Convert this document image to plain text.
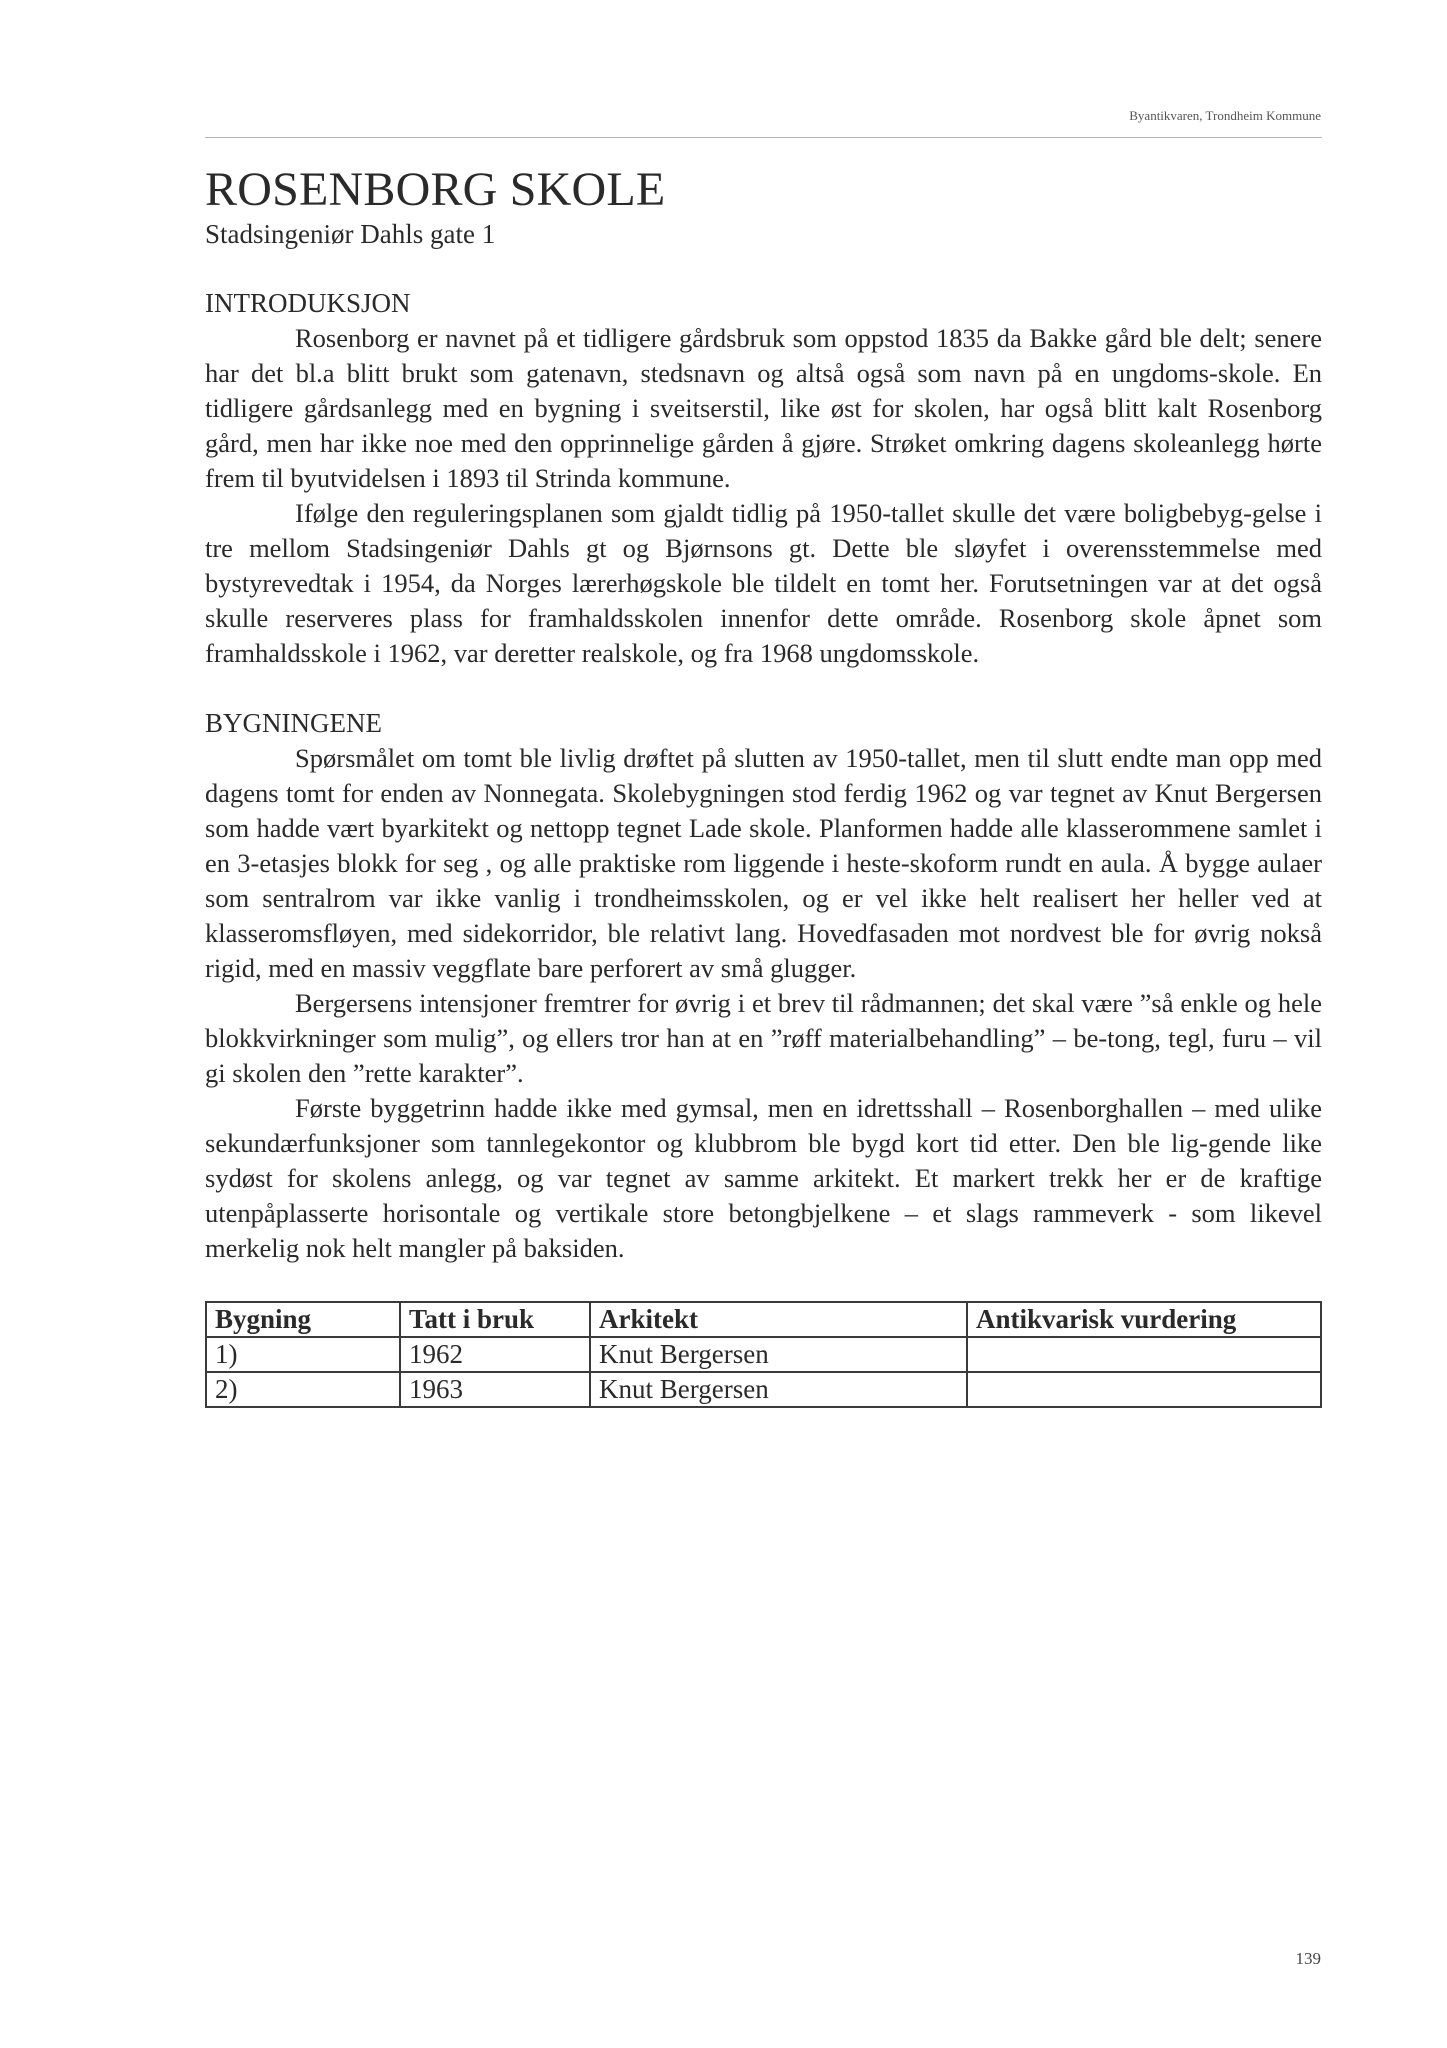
Byantikvaren, Trondheim Kommune
ROSENBORG SKOLE

Stadsingeniør Dahls gate 1

INTRODUKSJON

Rosenborg er navnet på et tidligere gårdsbruk som oppstod 1835 da Bakke gård ble delt; senere har det bl.a blitt brukt som gatenavn, stedsnavn og altså også som navn på en ungdoms-skole. En tidligere gårdsanlegg med en bygning i sveitserstil, like øst for skolen, har også blitt kalt Rosenborg gård, men har ikke noe med den opprinnelige gården å gjøre. Strøket omkring dagens skoleanlegg hørte frem til byutvidelsen i 1893 til Strinda kommune.

Ifølge den reguleringsplanen som gjaldt tidlig på 1950-tallet skulle det være boligbebyg-gelse i tre mellom Stadsingeniør Dahls gt og Bjørnsons gt. Dette ble sløyfet i overensstemmelse med bystyrevedtak i 1954, da Norges lærerhøgskole ble tildelt en tomt her. Forutsetningen var at det også skulle reserveres plass for framhaldsskolen innenfor dette område. Rosenborg skole åpnet som framhaldsskole i 1962, var deretter realskole, og fra 1968 ungdomsskole.

BYGNINGENE

Spørsmålet om tomt ble livlig drøftet på slutten av 1950-tallet, men til slutt endte man opp med dagens tomt for enden av Nonnegata. Skolebygningen stod ferdig 1962 og var tegnet av Knut Bergersen som hadde vært byarkitekt og nettopp tegnet Lade skole. Planformen hadde alle klasserommene samlet i en 3-etasjes blokk for seg , og alle praktiske rom liggende i heste-skoform rundt en aula. Å bygge aulaer som sentralrom var ikke vanlig i trondheimsskolen, og er vel ikke helt realisert her heller ved at klasseromsfløyen, med sidekorridor, ble relativt lang. Hovedfasaden mot nordvest ble for øvrig nokså rigid, med en massiv veggflate bare perforert av små glugger.

Bergersens intensjoner fremtrer for øvrig i et brev til rådmannen; det skal være ”så enkle og hele blokkvirkninger som mulig”, og ellers tror han at en ”røff materialbehandling” – be-tong, tegl, furu – vil gi skolen den ”rette karakter”.

Første byggetrinn hadde ikke med gymsal, men en idrettsshall – Rosenborghallen – med ulike sekundærfunksjoner som tannlegekontor og klubbrom ble bygd kort tid etter. Den ble lig-gende like sydøst for skolens anlegg, og var tegnet av samme arkitekt. Et markert trekk her er de kraftige utenpåplasserte horisontale og vertikale store betongbjelkene – et slags rammeverk - som likevel merkelig nok helt mangler på baksiden.

Bygning	Tatt i bruk	Arkitekt	Antikvarisk vurdering
1)	1962	Knut Bergersen	
2)	1963	Knut Bergersen	
139
